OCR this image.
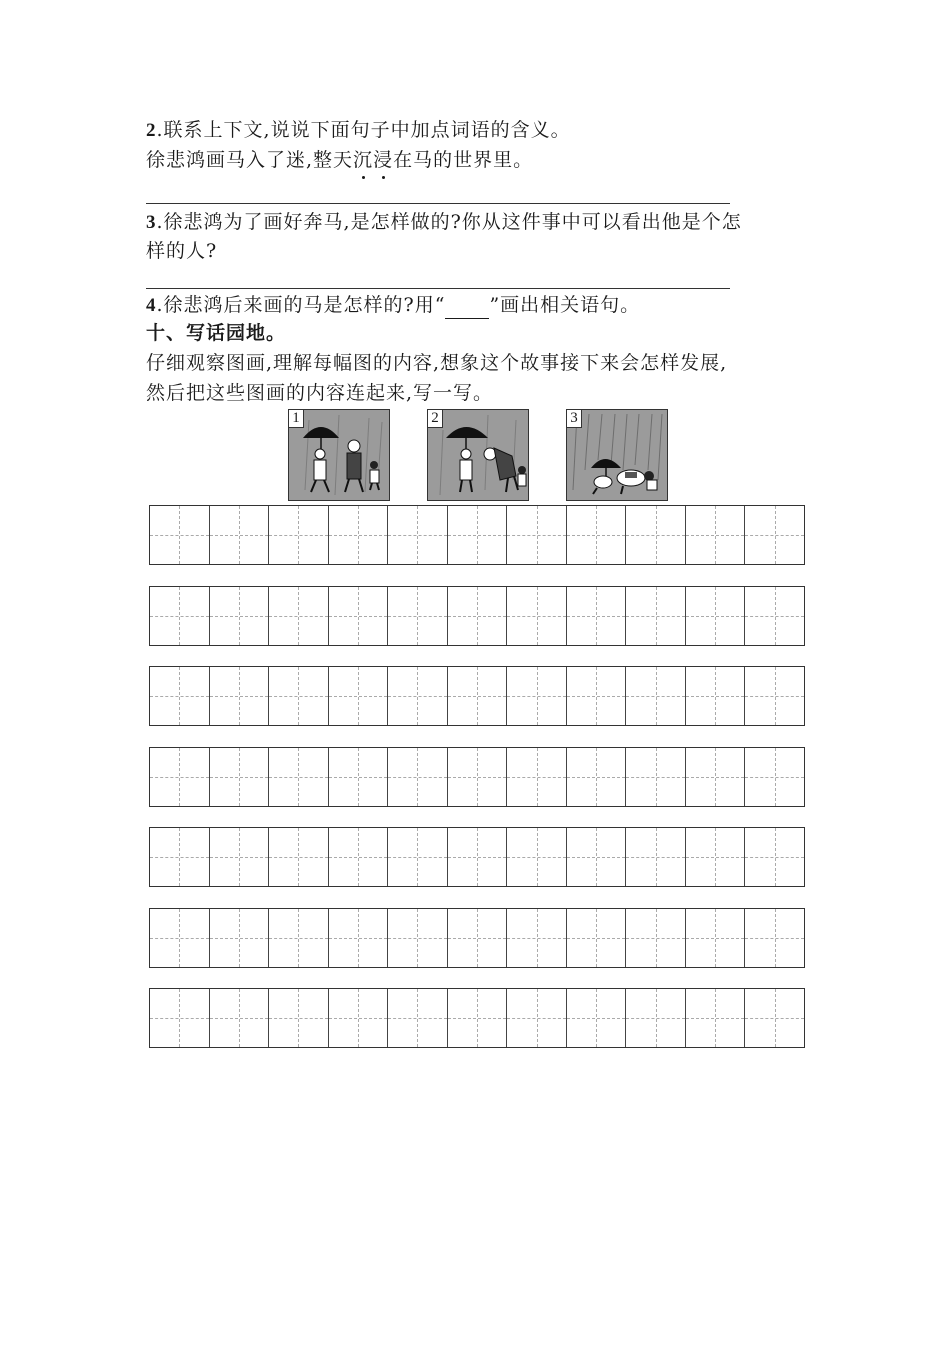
2.联系上下文,说说下面句子中加点词语的含义。
徐悲鸿画马入了迷,整天沉
浸
在马的世界里。
3.徐悲鸿为了画好奔马,是怎样做的?你从这件事中可以看出他是个怎
样的人?
4.徐悲鸿后来画的马是怎样的?用“ ”画出相关语句。
十、写话园地。
仔细观察图画,理解每幅图的内容,想象这个故事接下来会怎样发展,
然后把这些图画的内容连起来,写一写。
1	2	3
